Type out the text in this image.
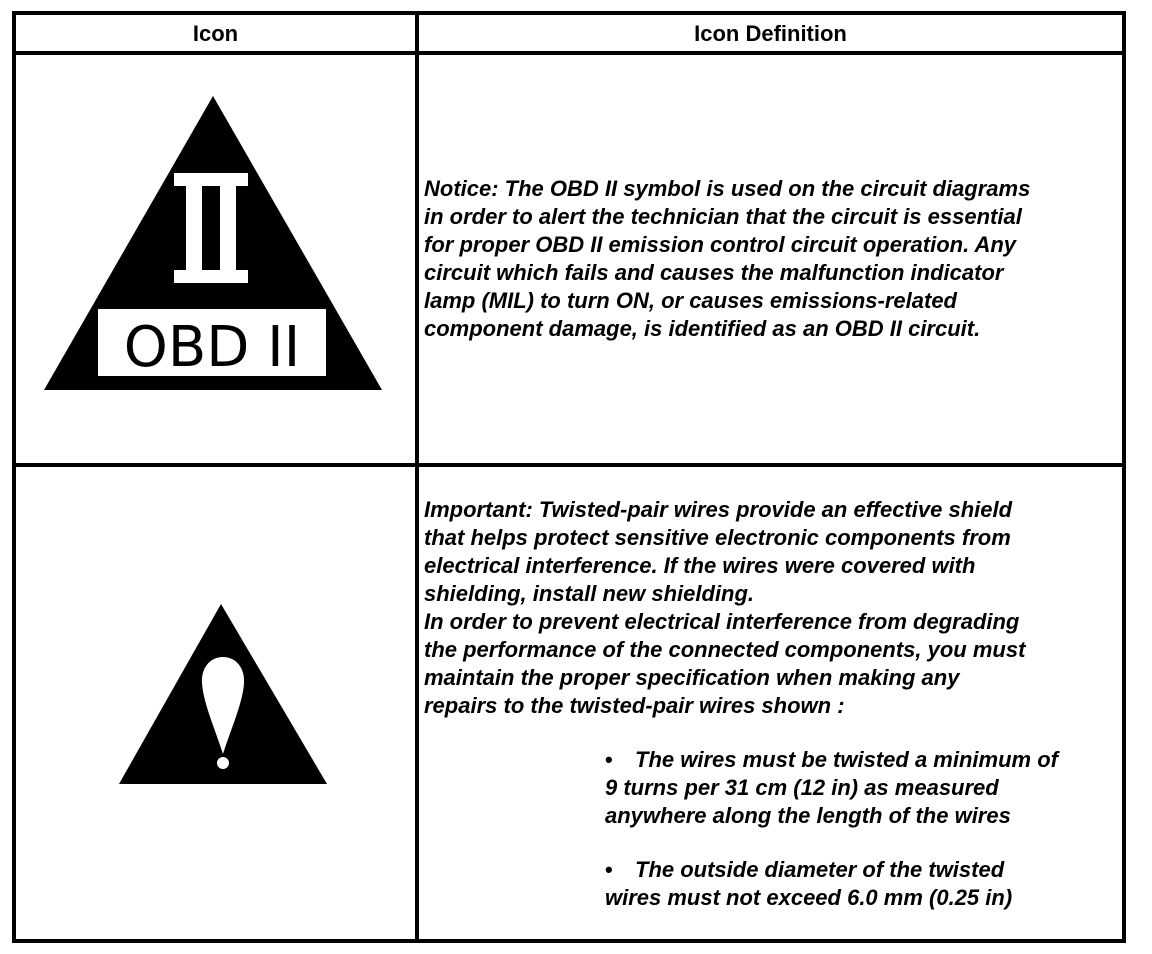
Icon	Icon Definition
OBD II
Notice: The OBD II symbol is used on the circuit diagrams
in order to alert the technician that the circuit is essential
for proper OBD II emission control circuit operation. Any
circuit which fails and causes the malfunction indicator
lamp (MIL) to turn ON, or causes emissions-related
component damage, is identified as an OBD II circuit.
Important: Twisted-pair wires provide an effective shield
that helps protect sensitive electronic components from
electrical interference. If the wires were covered with
shielding, install new shielding.
In order to prevent electrical interference from degrading
the performance of the connected components, you must
maintain the proper specification when making any
repairs to the twisted-pair wires shown :
• The wires must be twisted a minimum of
9 turns per 31 cm (12 in) as measured
anywhere along the length of the wires
• The outside diameter of the twisted
wires must not exceed 6.0 mm (0.25 in)
